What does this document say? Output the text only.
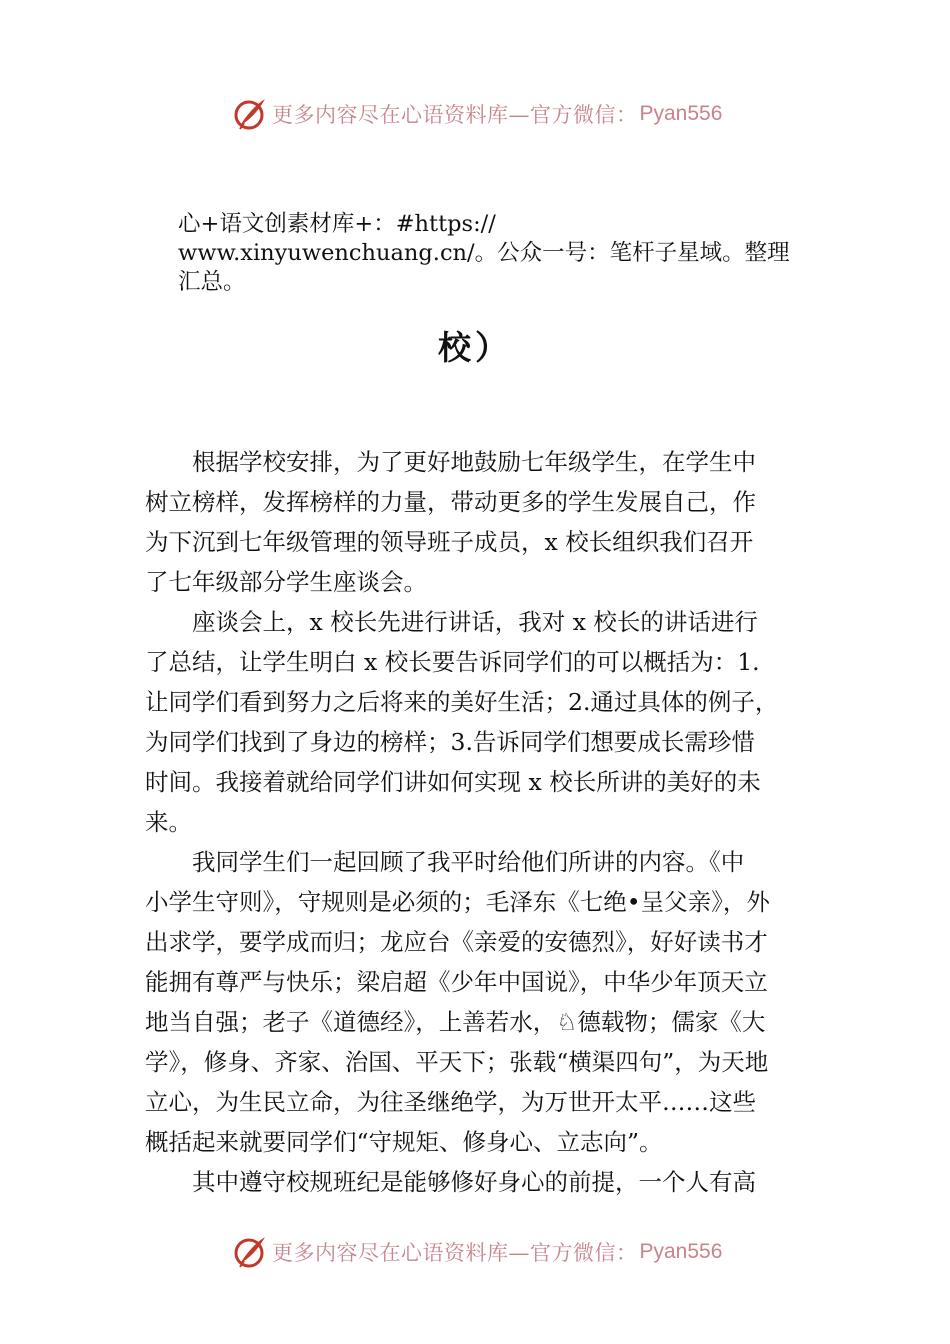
更多内容尽在心语资料库—官方微信： Pyan556
心+语文创素材库+：#https://
www.xinyuwenchuang.cn/。公众一号：笔杆子星域。整理
汇总。
校）
　　根据学校安排，为了更好地鼓励七年级学生，在学生中
树立榜样，发挥榜样的力量，带动更多的学生发展自己，作
为下沉到七年级管理的领导班子成员，x 校长组织我们召开
了七年级部分学生座谈会。
　　座谈会上，x 校长先进行讲话，我对 x 校长的讲话进行
了总结，让学生明白 x 校长要告诉同学们的可以概括为：1.
让同学们看到努力之后将来的美好生活；2.通过具体的例子，
为同学们找到了身边的榜样；3.告诉同学们想要成长需珍惜
时间。我接着就给同学们讲如何实现 x 校长所讲的美好的未
来。
　　我同学生们一起回顾了我平时给他们所讲的内容。《中
小学生守则》，守规则是必须的；毛泽东《七绝•呈父亲》，外
出求学，要学成而归；龙应台《亲爱的安德烈》，好好读书才
能拥有尊严与快乐；梁启超《少年中国说》，中华少年顶天立
地当自强；老子《道德经》，上善若水，♘德载物；儒家《大
学》，修身、齐家、治国、平天下；张载“横渠四句”，为天地
立心，为生民立命，为往圣继绝学，为万世开太平……这些
概括起来就要同学们“守规矩、修身心、立志向”。
　　其中遵守校规班纪是能够修好身心的前提，一个人有高
更多内容尽在心语资料库—官方微信： Pyan556
